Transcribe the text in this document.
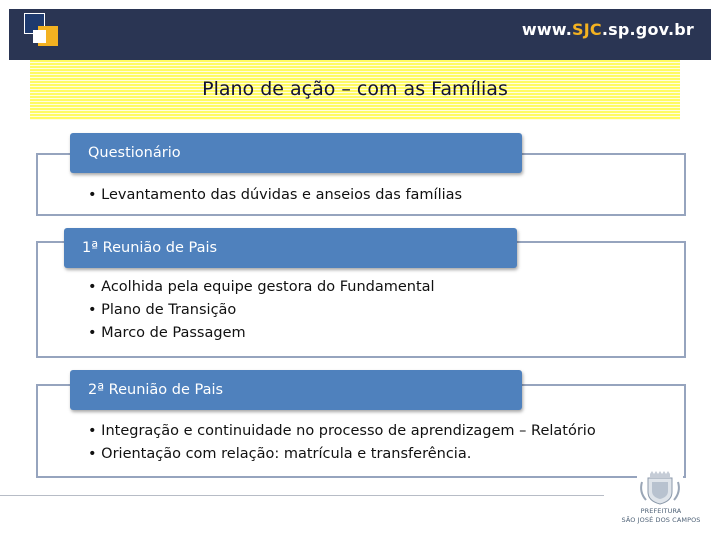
www.SJC.sp.gov.br
Plano de ação – com as Famílias
Questionário
• Levantamento das dúvidas e anseios das famílias
1ª Reunião de Pais
• Acolhida pela equipe gestora do Fundamental
• Plano de Transição
• Marco de Passagem
2ª Reunião de Pais
• Integração e continuidade no processo de aprendizagem – Relatório
• Orientação com relação: matrícula e transferência.
PREFEITURA
SÃO JOSÉ DOS CAMPOS
